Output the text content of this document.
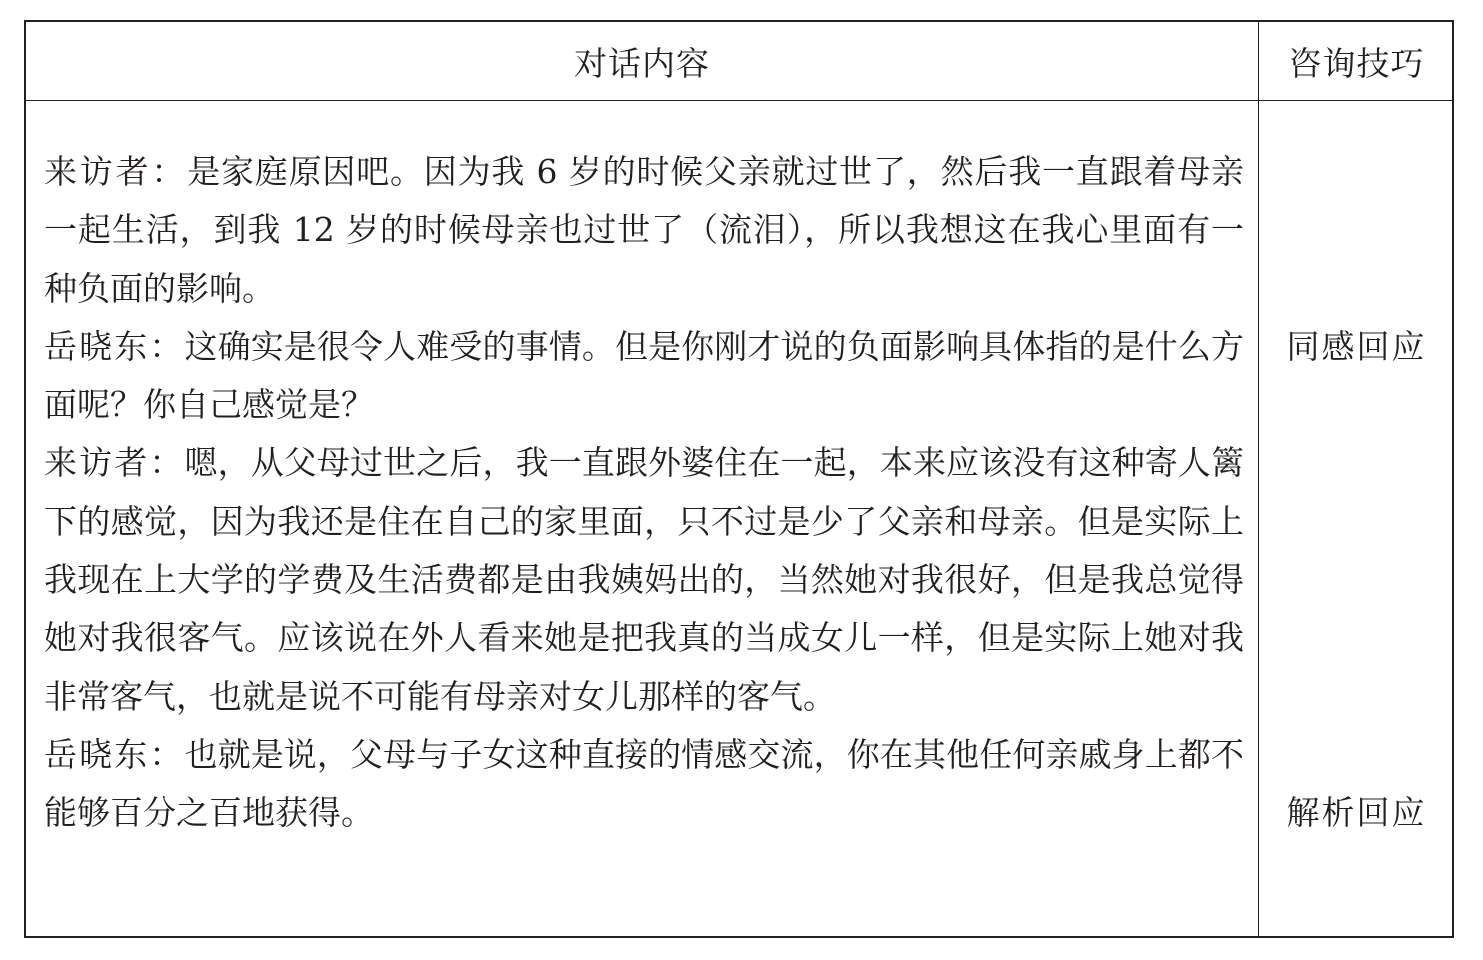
对话内容	咨询技巧

来访者：是家庭原因吧。因为我 6 岁的时候父亲就过世了，然后我一直跟着母亲一起生活，到我 12 岁的时候母亲也过世了（流泪），所以我想这在我心里面有一种负面的影响。

岳晓东：这确实是很令人难受的事情。但是你刚才说的负面影响具体指的是什么方面呢？你自己感觉是？

来访者：嗯，从父母过世之后，我一直跟外婆住在一起，本来应该没有这种寄人篱下的感觉，因为我还是住在自己的家里面，只不过是少了父亲和母亲。但是实际上我现在上大学的学费及生活费都是由我姨妈出的，当然她对我很好，但是我总觉得她对我很客气。应该说在外人看来她是把我真的当成女儿一样，但是实际上她对我非常客气，也就是说不可能有母亲对女儿那样的客气。

岳晓东：也就是说，父母与子女这种直接的情感交流，你在其他任何亲戚身上都不能够百分之百地获得。

同感回应
解析回应
